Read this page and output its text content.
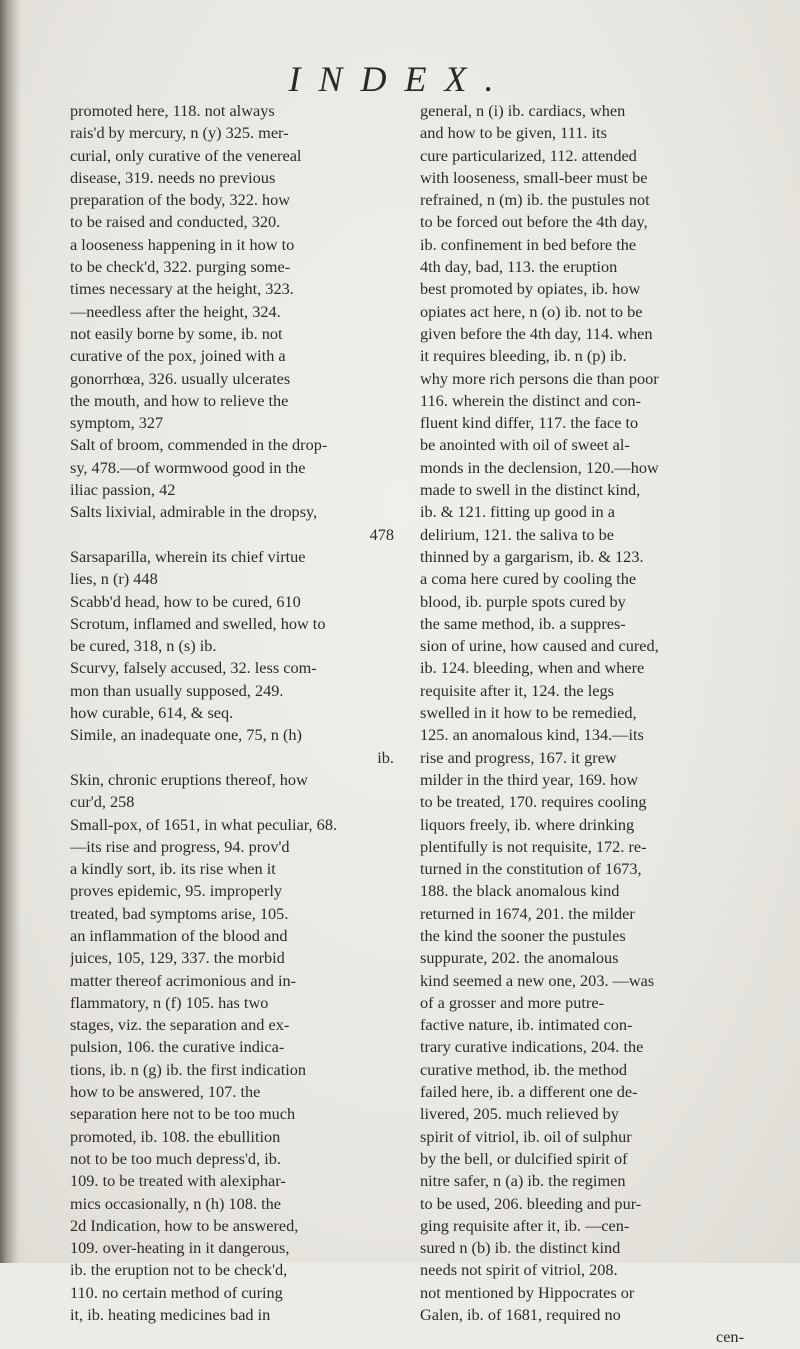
INDEX.
promoted here, 118. not always
rais'd by mercury, n (y) 325. mer-
curial, only curative of the venereal
disease, 319. needs no previous
preparation of the body, 322. how
to be raised and conducted, 320.
a looseness happening in it how to
to be check'd, 322. purging some-
times necessary at the height, 323.
—needless after the height, 324.
not easily borne by some, ib. not
curative of the pox, joined with a
gonorrhœa, 326. usually ulcerates
the mouth, and how to relieve the
symptom, 327
Salt of broom, commended in the drop-
sy, 478.—of wormwood good in the
iliac passion, 42
Salts lixivial, admirable in the dropsy,
478
Sarsaparilla, wherein its chief virtue
lies, n (r) 448
Scabb'd head, how to be cured, 610
Scrotum, inflamed and swelled, how to
be cured, 318, n (s) ib.
Scurvy, falsely accused, 32. less com-
mon than usually supposed, 249.
how curable, 614, & seq.
Simile, an inadequate one, 75, n (h)
ib.
Skin, chronic eruptions thereof, how
cur'd, 258
Small-pox, of 1651, in what peculiar, 68.
—its rise and progress, 94. prov'd
a kindly sort, ib. its rise when it
proves epidemic, 95. improperly
treated, bad symptoms arise, 105.
an inflammation of the blood and
juices, 105, 129, 337. the morbid
matter thereof acrimonious and in-
flammatory, n (f) 105. has two
stages, viz. the separation and ex-
pulsion, 106. the curative indica-
tions, ib. n (g) ib. the first indication
how to be answered, 107. the
separation here not to be too much
promoted, ib. 108. the ebullition
not to be too much depress'd, ib.
109. to be treated with alexiphar-
mics occasionally, n (h) 108. the
2d Indication, how to be answered,
109. over-heating in it dangerous,
ib. the eruption not to be check'd,
110. no certain method of curing
it, ib. heating medicines bad in
general, n (i) ib. cardiacs, when
and how to be given, 111. its
cure particularized, 112. attended
with looseness, small-beer must be
refrained, n (m) ib. the pustules not
to be forced out before the 4th day,
ib. confinement in bed before the
4th day, bad, 113. the eruption
best promoted by opiates, ib. how
opiates act here, n (o) ib. not to be
given before the 4th day, 114. when
it requires bleeding, ib. n (p) ib.
why more rich persons die than poor
116. wherein the distinct and con-
fluent kind differ, 117. the face to
be anointed with oil of sweet al-
monds in the declension, 120.—how
made to swell in the distinct kind,
ib. & 121. fitting up good in a
delirium, 121. the saliva to be
thinned by a gargarism, ib. & 123.
a coma here cured by cooling the
blood, ib. purple spots cured by
the same method, ib. a suppres-
sion of urine, how caused and cured,
ib. 124. bleeding, when and where
requisite after it, 124. the legs
swelled in it how to be remedied,
125. an anomalous kind, 134.—its
rise and progress, 167. it grew
milder in the third year, 169. how
to be treated, 170. requires cooling
liquors freely, ib. where drinking
plentifully is not requisite, 172. re-
turned in the constitution of 1673,
188. the black anomalous kind
returned in 1674, 201. the milder
the kind the sooner the pustules
suppurate, 202. the anomalous
kind seemed a new one, 203. —was
of a grosser and more putre-
factive nature, ib. intimated con-
trary curative indications, 204. the
curative method, ib. the method
failed here, ib. a different one de-
livered, 205. much relieved by
spirit of vitriol, ib. oil of sulphur
by the bell, or dulcified spirit of
nitre safer, n (a) ib. the regimen
to be used, 206. bleeding and pur-
ging requisite after it, ib. —cen-
sured n (b) ib. the distinct kind
needs not spirit of vitriol, 208.
not mentioned by Hippocrates or
Galen, ib. of 1681, required no
cen-
